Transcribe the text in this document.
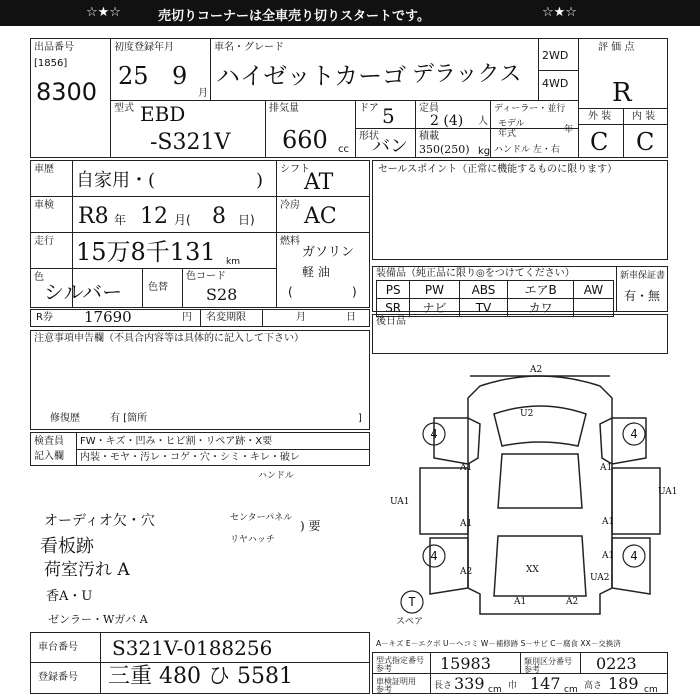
☆★☆	売切りコーナーは全車売り切りスタートです。	☆★☆
出品番号
[1856]
8300
初度登録年月
25 9
月
車名・グレード
ハイゼットカーゴ デラックス
2WD
4WD
評 価 点
R
外 装 内 装
C C
型式 EBD
-S321V
排気量
660 cc
ドア 5
形状
バン
定員
2 (4) 人
積載
350(250) kg
ディーラー・並行
モデル
年式	年
ハンドル 左・右
車歴
自家用・(	)
車検 R8 年 12 月( 8 日)
走行 15万8千131 km
色
シルバー	色替
色コード
S28
シフト
AT
冷房 AC
燃料
ガソリン
軽 油
(	)
セールスポイント（正常に機能するものに限ります）
装備品（純正品に限り◎をつけてください）
PS	PW	ABS	エアB	AW
SR	ナビ	TV	カワ	
新車保証書
有・無
R券 17690	円 名変期限	月	日
注意事項申告欄（不具合内容等は具体的に記入して下さい）
修復歴	有 [箇所	]
後日品
検査員
記入欄
FW・キズ・凹み・ヒビ割・リペア跡・X要
内装・モヤ・汚レ・コゲ・穴・シミ・キレ・破レ
ハンドル
オーディオ欠・穴	センターパネル
リヤハッチ
) 要
看板跡
荷室汚れ A
香A・U
ゼンラー・Wガバ A
車台番号 S321V-0188256
登録番号 三重 480 ひ 5581
型式指定番号
参考	15983	類別区分番号
参考	0223
車検証明用
参考	長さ 339 cm 巾 147 cm 高さ 189 cm
A－キズ E－エクボ U－ヘコミ W－補修跡 S－サビ C－腐食 XX－交換済
4	4
4	4
T
A2
U2
A1	A1
UA1
UA1
A1	A1
A2
A1
UA2
XX
A1	A2
スペア
